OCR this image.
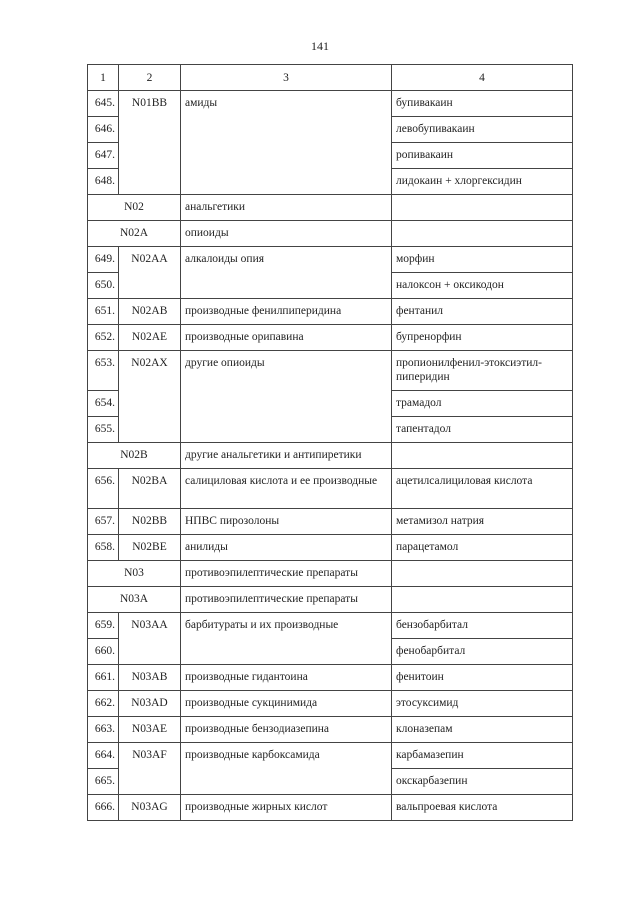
141
1	2	3	4
645.	N01BB	амиды	бупивакаин
646.			левобупивакаин
647.			ропивакаин
648.			лидокаин + хлоргексидин
N02		анальгетики	
N02A		опиоиды	
649.	N02AA	алкалоиды опия	морфин
650.			налоксон + оксикодон
651.	N02AB	производные фенилпиперидина	фентанил
652.	N02AE	производные орипавина	бупренорфин
653.	N02AX	другие опиоиды	пропионилфенил-этоксиэтил-пиперидин
654.			трамадол
655.			тапентадол
N02B		другие анальгетики и антипиретики	
656.	N02BA	салициловая кислота и ее производные	ацетилсалициловая кислота
657.	N02BB	НПВС пирозолоны	метамизол натрия
658.	N02BE	анилиды	парацетамол
N03		противоэпилептические препараты	
N03A		противоэпилептические препараты	
659.	N03AA	барбитураты и их производные	бензобарбитал
660.			фенобарбитал
661.	N03AB	производные гидантоина	фенитоин
662.	N03AD	производные сукцинимида	этосуксимид
663.	N03AE	производные бензодиазепина	клоназепам
664.	N03AF	производные карбоксамида	карбамазепин
665.			окскарбазепин
666.	N03AG	производные жирных кислот	вальпроевая кислота
